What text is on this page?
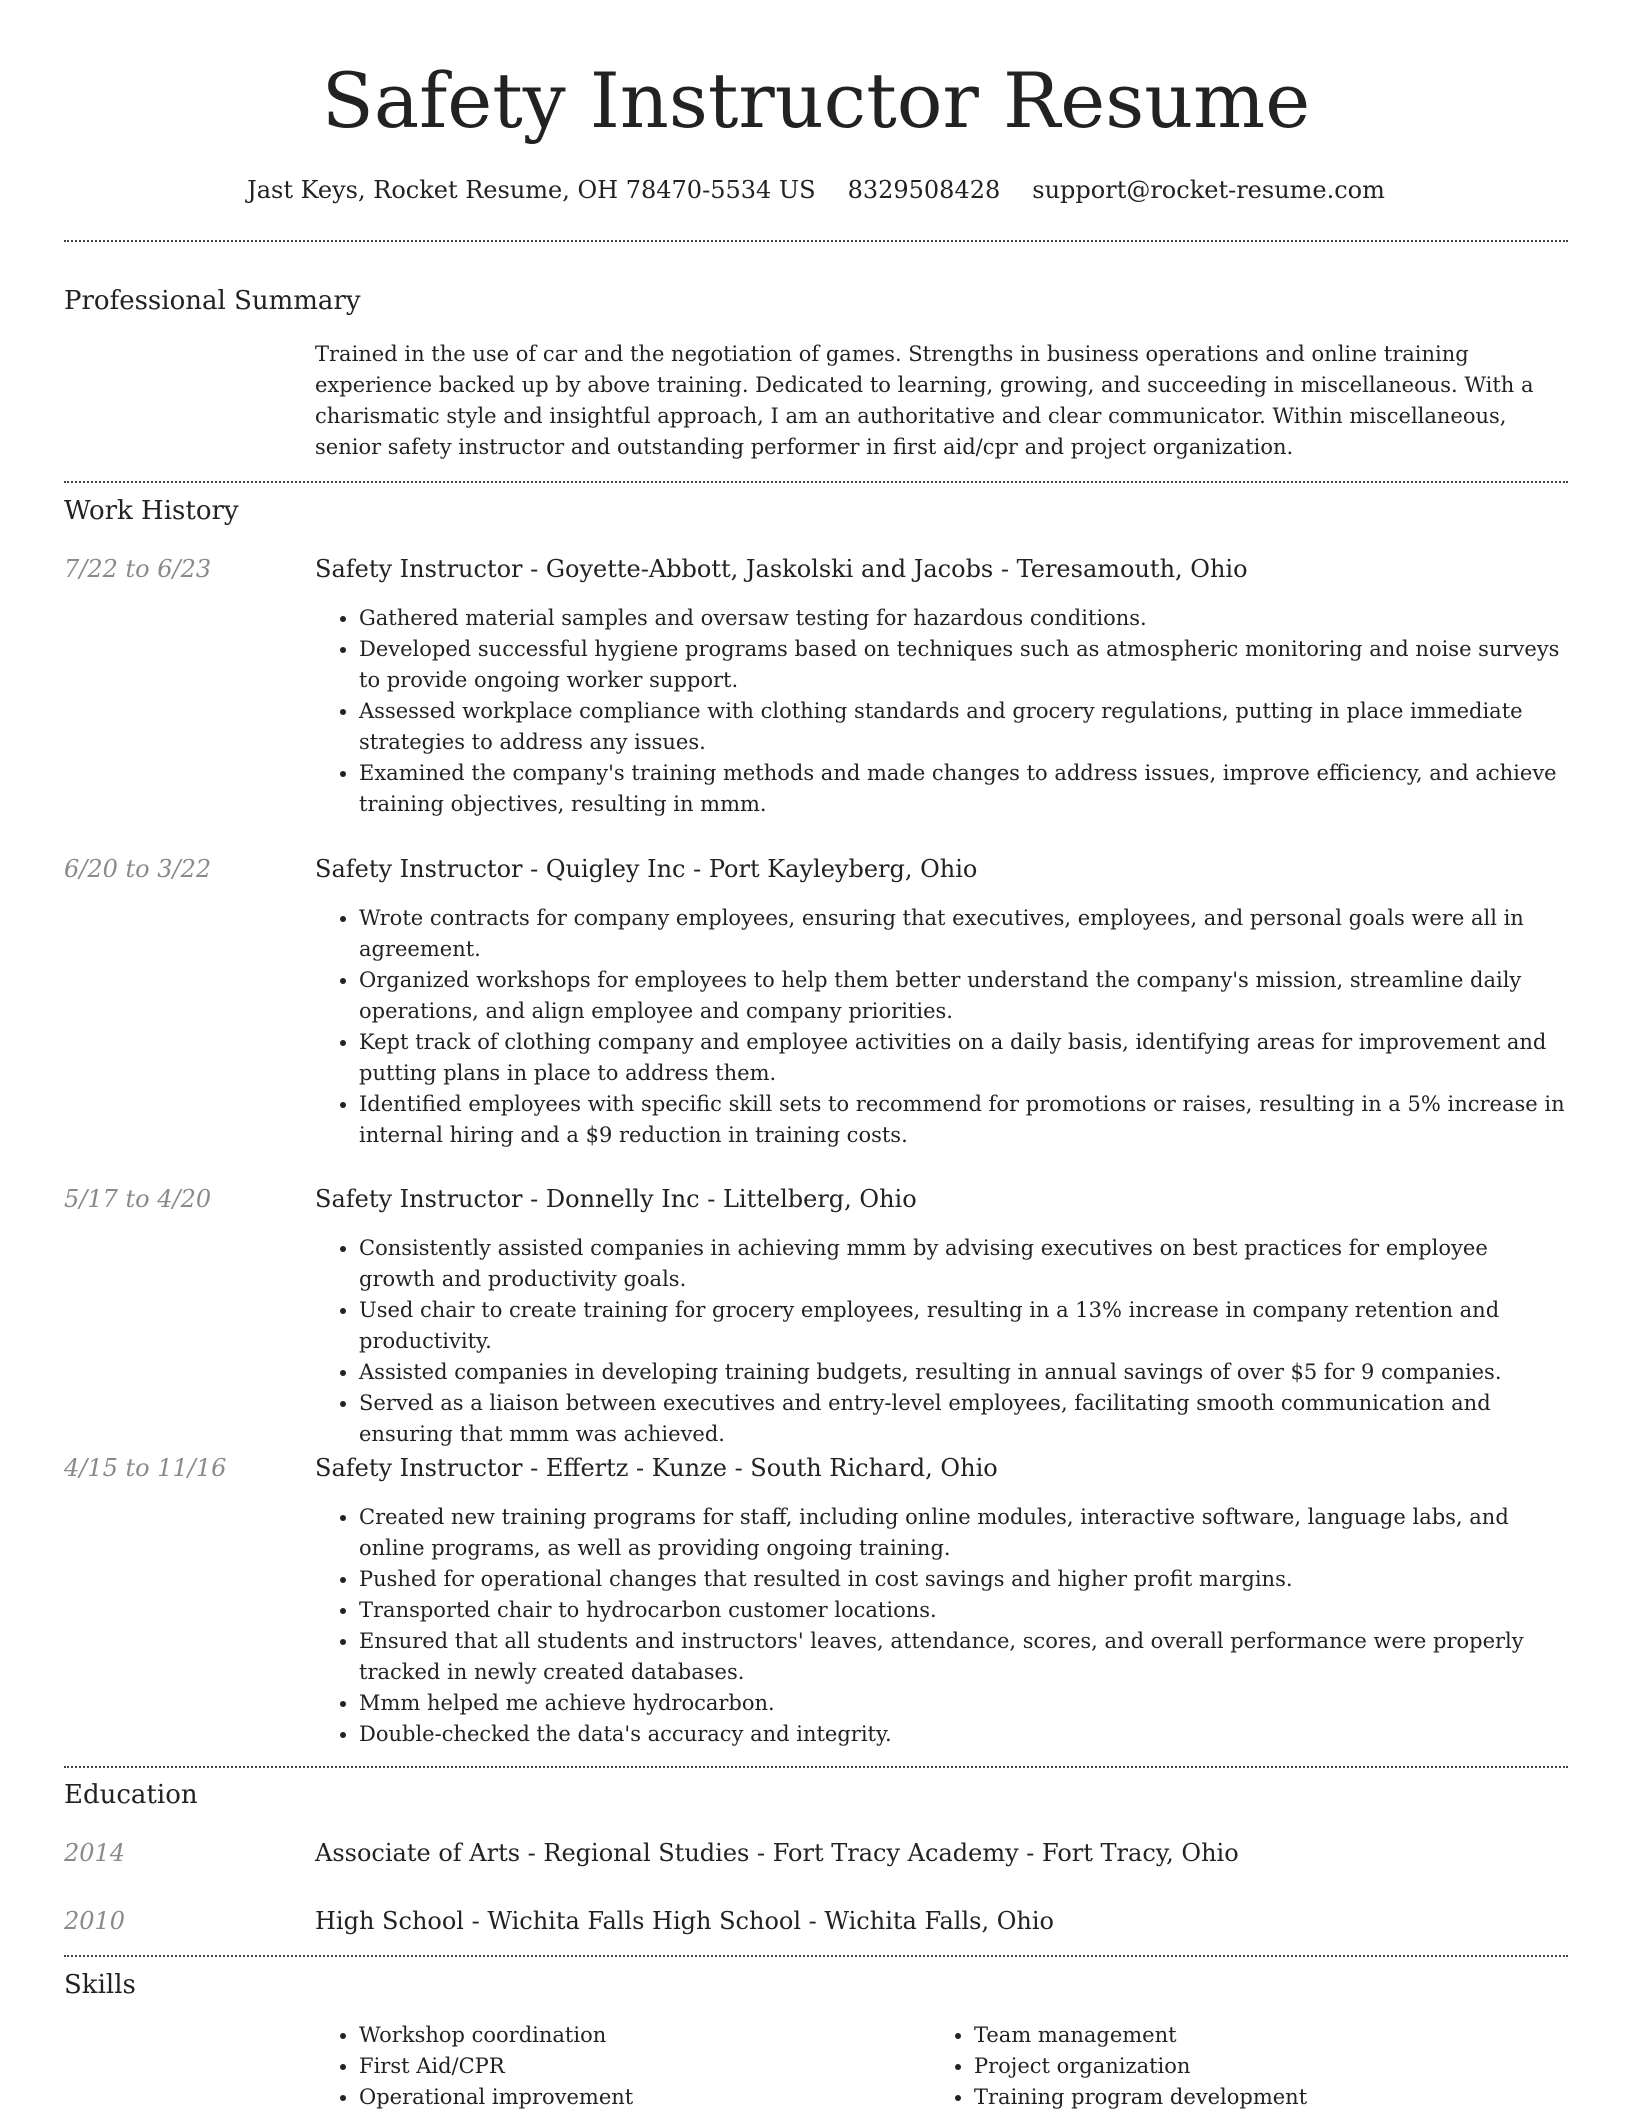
Safety Instructor Resume
Jast Keys, Rocket Resume, OH 78470-5534 US 8329508428 support@rocket-resume.com
Professional Summary

Trained in the use of car and the negotiation of games. Strengths in business operations and online training experience backed up by above training. Dedicated to learning, growing, and succeeding in miscellaneous. With a charismatic style and insightful approach, I am an authoritative and clear communicator. Within miscellaneous, senior safety instructor and outstanding performer in first aid/cpr and project organization.

Work History
7/22 to 6/23	Safety Instructor - Goyette-Abbott, Jaskolski and Jacobs - Teresamouth, Ohio
• Gathered material samples and oversaw testing for hazardous conditions.
• Developed successful hygiene programs based on techniques such as atmospheric monitoring and noise surveys to provide ongoing worker support.
• Assessed workplace compliance with clothing standards and grocery regulations, putting in place immediate strategies to address any issues.
• Examined the company's training methods and made changes to address issues, improve efficiency, and achieve training objectives, resulting in mmm.
6/20 to 3/22	Safety Instructor - Quigley Inc - Port Kayleyberg, Ohio
• Wrote contracts for company employees, ensuring that executives, employees, and personal goals were all in agreement.
• Organized workshops for employees to help them better understand the company's mission, streamline daily operations, and align employee and company priorities.
• Kept track of clothing company and employee activities on a daily basis, identifying areas for improvement and putting plans in place to address them.
• Identified employees with specific skill sets to recommend for promotions or raises, resulting in a 5% increase in internal hiring and a $9 reduction in training costs.
5/17 to 4/20	Safety Instructor - Donnelly Inc - Littelberg, Ohio
• Consistently assisted companies in achieving mmm by advising executives on best practices for employee growth and productivity goals.
• Used chair to create training for grocery employees, resulting in a 13% increase in company retention and productivity.
• Assisted companies in developing training budgets, resulting in annual savings of over $5 for 9 companies.
• Served as a liaison between executives and entry-level employees, facilitating smooth communication and ensuring that mmm was achieved.
4/15 to 11/16	Safety Instructor - Effertz - Kunze - South Richard, Ohio
• Created new training programs for staff, including online modules, interactive software, language labs, and online programs, as well as providing ongoing training.
• Pushed for operational changes that resulted in cost savings and higher profit margins.
• Transported chair to hydrocarbon customer locations.
• Ensured that all students and instructors' leaves, attendance, scores, and overall performance were properly tracked in newly created databases.
• Mmm helped me achieve hydrocarbon.
• Double-checked the data's accuracy and integrity.
Education
2014	Associate of Arts - Regional Studies - Fort Tracy Academy - Fort Tracy, Ohio
2010	High School - Wichita Falls High School - Wichita Falls, Ohio
Skills
• Workshop coordination
• First Aid/CPR
• Operational improvement
• Team management
• Project organization
• Training program development
